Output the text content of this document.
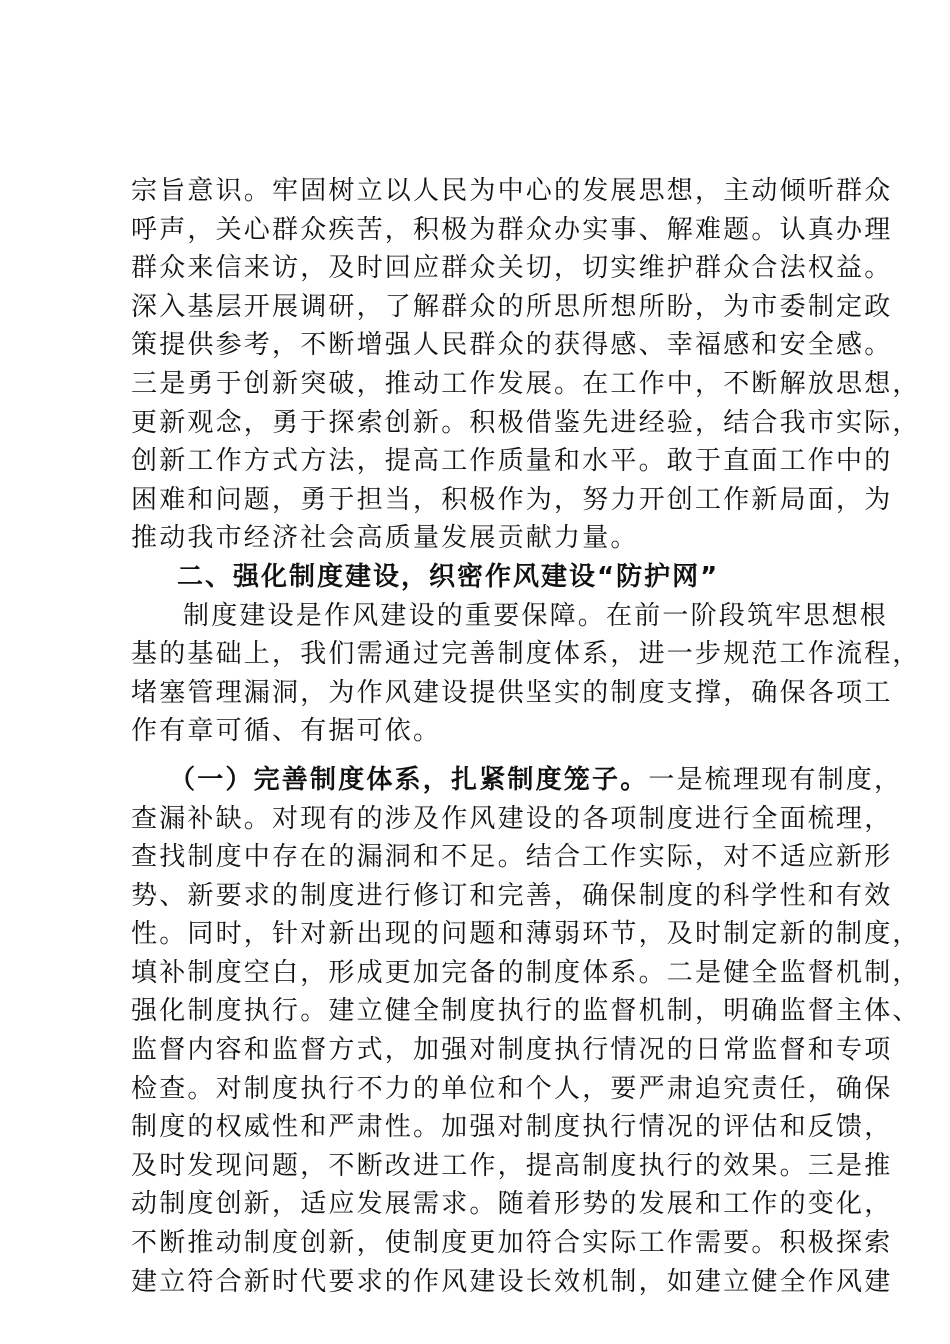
宗旨意识。牢固树立以人民为中心的发展思想，主动倾听群众
呼声，关心群众疾苦，积极为群众办实事、解难题。认真办理
群众来信来访，及时回应群众关切，切实维护群众合法权益。
深入基层开展调研，了解群众的所思所想所盼，为市委制定政
策提供参考，不断增强人民群众的获得感、幸福感和安全感。
三是勇于创新突破，推动工作发展。在工作中，不断解放思想，
更新观念，勇于探索创新。积极借鉴先进经验，结合我市实际，
创新工作方式方法，提高工作质量和水平。敢于直面工作中的
困难和问题，勇于担当，积极作为，努力开创工作新局面，为
推动我市经济社会高质量发展贡献力量。
二、强化制度建设，织密作风建设“防护网”
制度建设是作风建设的重要保障。在前一阶段筑牢思想根
基的基础上，我们需通过完善制度体系，进一步规范工作流程，
堵塞管理漏洞，为作风建设提供坚实的制度支撑，确保各项工
作有章可循、有据可依。
（一）完善制度体系，扎紧制度笼子。一是梳理现有制度，
查漏补缺。对现有的涉及作风建设的各项制度进行全面梳理，
查找制度中存在的漏洞和不足。结合工作实际，对不适应新形
势、新要求的制度进行修订和完善，确保制度的科学性和有效
性。同时，针对新出现的问题和薄弱环节，及时制定新的制度，
填补制度空白，形成更加完备的制度体系。二是健全监督机制，
强化制度执行。建立健全制度执行的监督机制，明确监督主体、
监督内容和监督方式，加强对制度执行情况的日常监督和专项
检查。对制度执行不力的单位和个人，要严肃追究责任，确保
制度的权威性和严肃性。加强对制度执行情况的评估和反馈，
及时发现问题，不断改进工作，提高制度执行的效果。三是推
动制度创新，适应发展需求。随着形势的发展和工作的变化，
不断推动制度创新，使制度更加符合实际工作需要。积极探索
建立符合新时代要求的作风建设长效机制，如建立健全作风建
